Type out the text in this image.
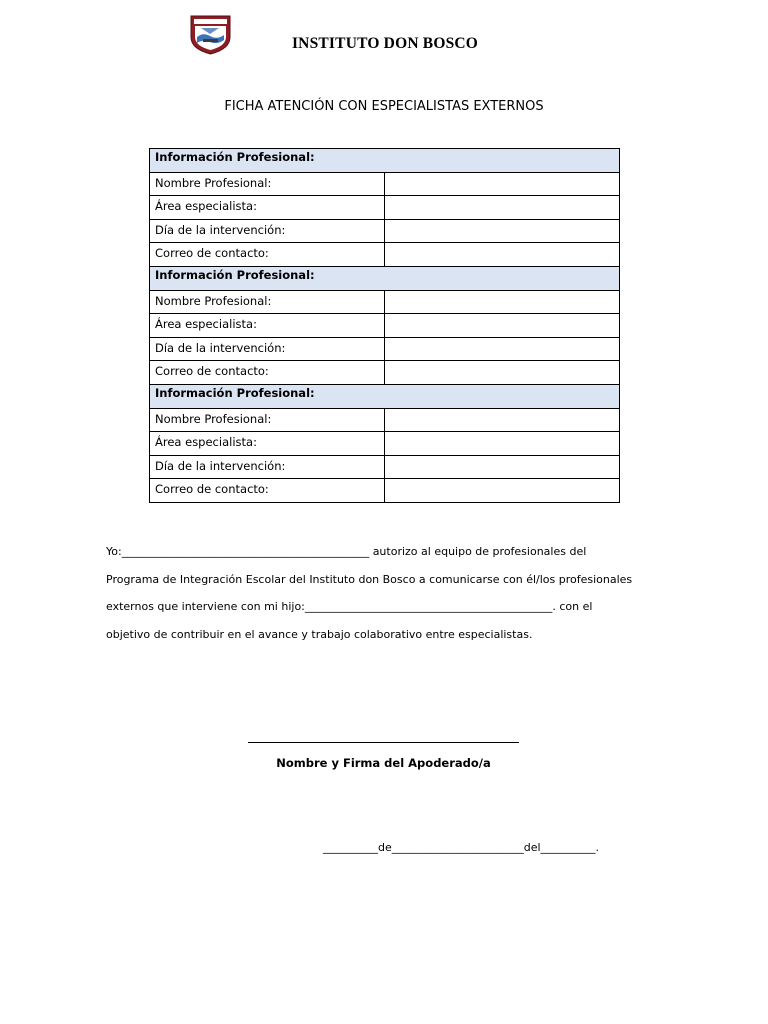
INSTITUTO DON BOSCO
FICHA ATENCIÓN CON ESPECIALISTAS EXTERNOS
Información Profesional:	
Nombre Profesional:	
Área especialista:	
Día de la intervención:	
Correo de contacto:	
Información Profesional:	
Nombre Profesional:	
Área especialista:	
Día de la intervención:	
Correo de contacto:	
Información Profesional:	
Nombre Profesional:	
Área especialista:	
Día de la intervención:	
Correo de contacto:	

Yo:_____________________________________________ autorizo al equipo de profesionales del

Programa de Integración Escolar del Instituto don Bosco a comunicarse con él/los profesionales

externos que interviene con mi hijo:_____________________________________________. con el

objetivo de contribuir en el avance y trabajo colaborativo entre especialistas.

Nombre y Firma del Apoderado/a
__________de________________________del__________.
